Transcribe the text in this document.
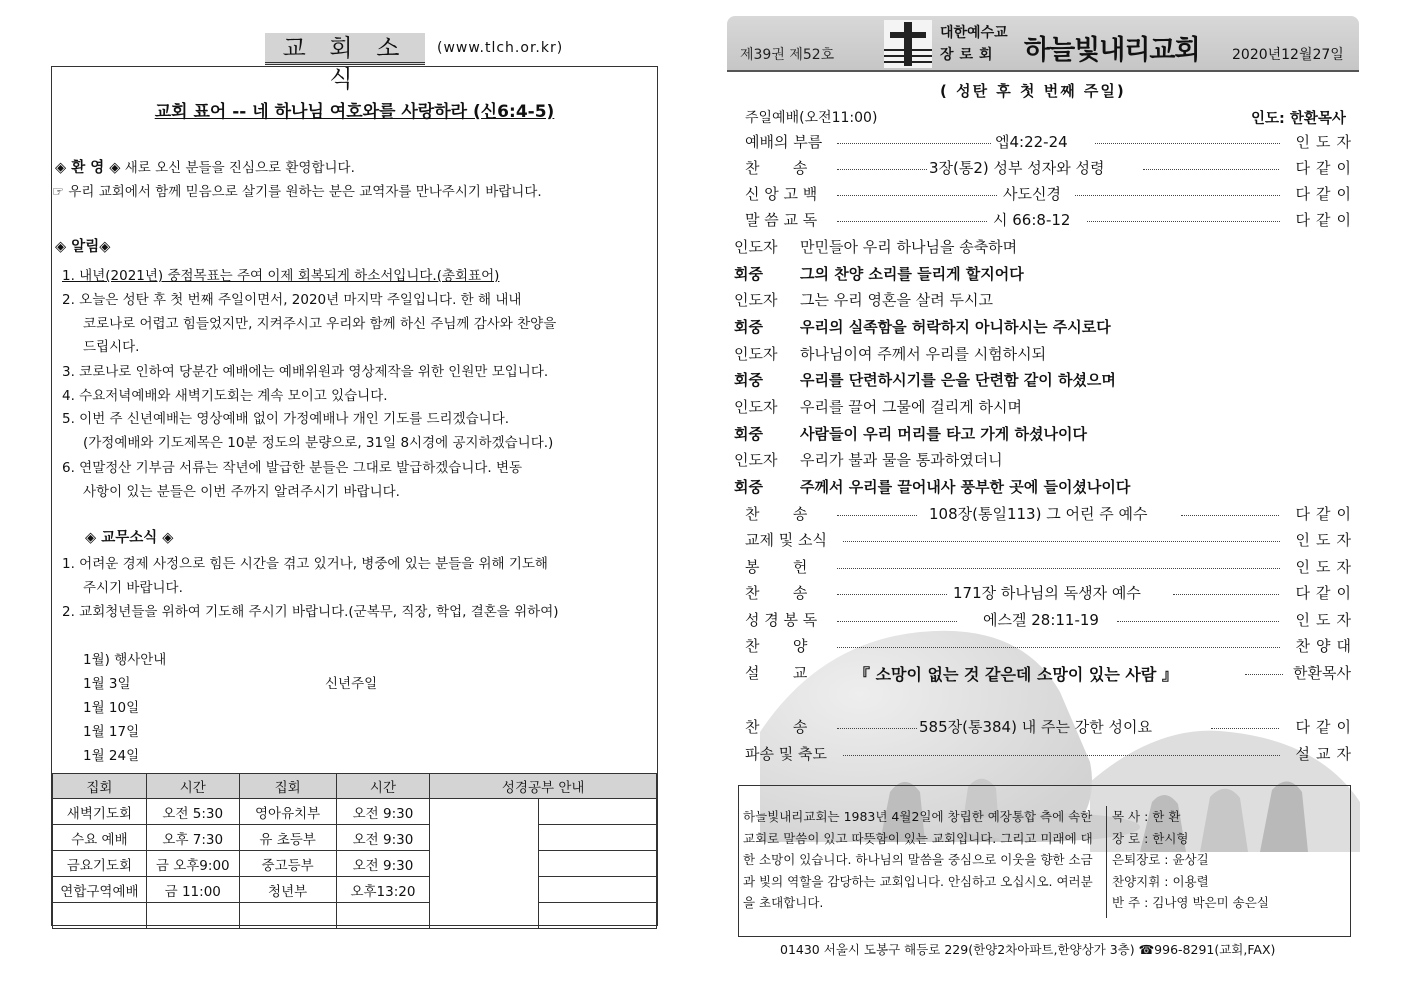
교 회 소 식
(www.tlch.or.kr)
교회 표어 -- 네 하나님 여호와를 사랑하라 (신6:4-5)
◈ 환 영 ◈ 새로 오신 분들을 진심으로 환영합니다.
☞ 우리 교회에서 함께 믿음으로 살기를 원하는 분은 교역자를 만나주시기 바랍니다.
◈ 알림◈
1. 내년(2021년) 중점목표는 주여 이제 회복되게 하소서입니다.(총회표어)
2. 오늘은 성탄 후 첫 번째 주일이면서, 2020년 마지막 주일입니다. 한 해 내내
코로나로 어렵고 힘들었지만, 지켜주시고 우리와 함께 하신 주님께 감사와 찬양을
드립시다.
3. 코로나로 인하여 당분간 예배에는 예배위원과 영상제작을 위한 인원만 모입니다.
4. 수요저녁예배와 새벽기도회는 계속 모이고 있습니다.
5. 이번 주 신년예배는 영상예배 없이 가정예배나 개인 기도를 드리겠습니다.
(가정예배와 기도제목은 10분 정도의 분량으로, 31일 8시경에 공지하겠습니다.)
6. 연말정산 기부금 서류는 작년에 발급한 분들은 그대로 발급하겠습니다. 변동
사항이 있는 분들은 이번 주까지 알려주시기 바랍니다.
◈ 교무소식 ◈
1. 어려운 경제 사정으로 힘든 시간을 겪고 있거나, 병중에 있는 분들을 위해 기도해
주시기 바랍니다.
2. 교회청년들을 위하여 기도해 주시기 바랍니다.(군복무, 직장, 학업, 결혼을 위하여)
1월) 행사안내
1월 3일	신년주일
1월 10일
1월 17일
1월 24일
집회	시간	집회	시간	성경공부 안내	
새벽기도회	오전 5:30	영아유치부	오전 9:30		
수요 예배	오후 7:30	유 초등부	오전 9:30		
금요기도회	금 오후9:00	중고등부	오전 9:30		
연합구역예배	금 11:00	청년부	오후13:20		

제39권 제52호
대한예수교
장로회 하늘빛내리교회 2020년12월27일
( 성탄 후 첫 번째 주일)
주일예배(오전11:00)	인도: 한환목사
예배의 부름	엡4:22-24	인도자
찬       송	3장(통2) 성부 성자와 성령	다같이
신 앙 고 백	사도신경	다같이
말 씀 교 독	시 66:8-12	다같이
인도자 만민들아 우리 하나님을 송축하며
회중 그의 찬양 소리를 들리게 할지어다
인도자 그는 우리 영혼을 살려 두시고
회중 우리의 실족함을 허락하지 아니하시는 주시로다
인도자 하나님이여 주께서 우리를 시험하시되
회중 우리를 단련하시기를 은을 단련함 같이 하셨으며
인도자 우리를 끌어 그물에 걸리게 하시며
회중 사람들이 우리 머리를 타고 가게 하셨나이다
인도자 우리가 불과 물을 통과하였더니
회중 주께서 우리를 끌어내사 풍부한 곳에 들이셨나이다
찬       송	108장(통일113) 그 어린 주 예수	다같이
교제 및 소식	인도자
봉       헌	인도자
찬       송	171장 하나님의 독생자 예수	다같이
성 경 봉 독	에스겔 28:11-19	인도자
찬       양	찬양대
설       교	『 소망이 없는 것 같은데 소망이 있는 사람 』	한환목사
찬       송	585장(통384) 내 주는 강한 성이요	다같이
파송 및 축도	설교자
하늘빛내리교회는 1983년 4월2일에 창립한 예장통합 측에 속한 교회로 말씀이 있고 따뜻함이 있는 교회입니다. 그리고 미래에 대한 소망이 있습니다. 하나님의 말씀을 중심으로 이웃을 향한 소금과 빛의 역할을 감당하는 교회입니다. 안심하고 오십시오. 여러분을 초대합니다.
목 사 : 한 환
장 로 : 한시형
은퇴장로 : 윤상길
찬양지휘 : 이용렬
반 주 : 김나영 박은미 송은실
01430 서울시 도봉구 해등로 229(한양2차아파트,한양상가 3층) ☎996-8291(교회,FAX)
